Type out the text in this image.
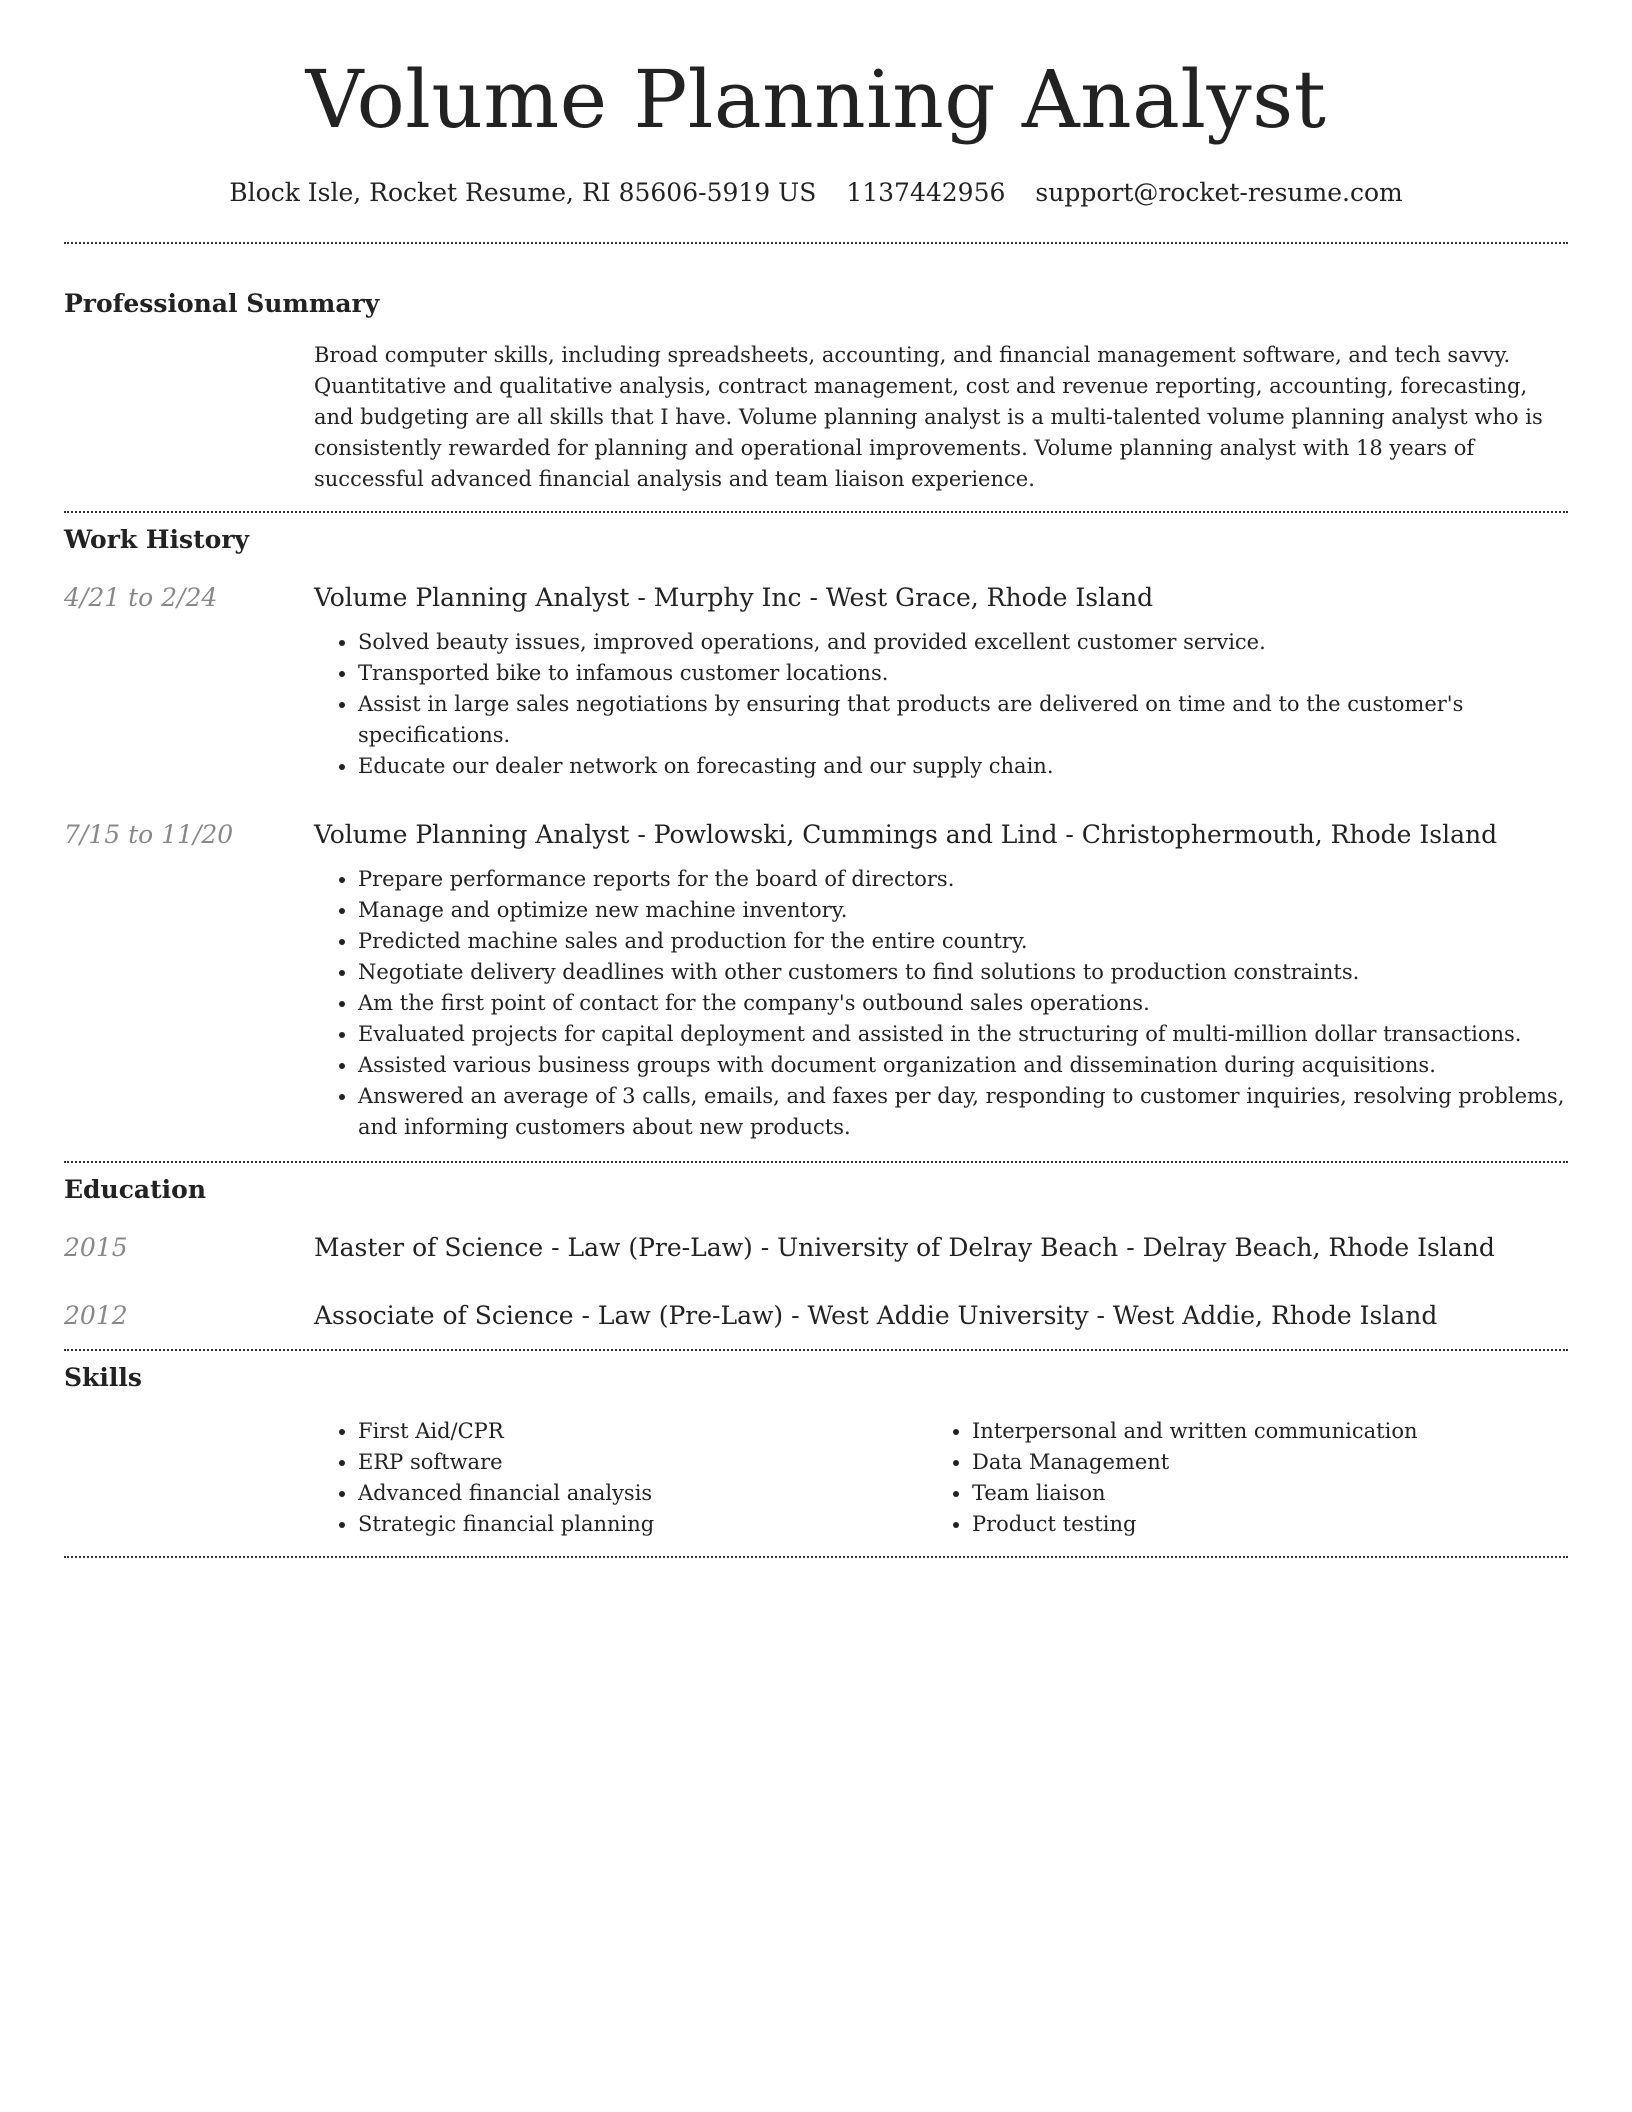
Volume Planning Analyst
Block Isle, Rocket Resume, RI 85606-5919 US 1137442956 support@rocket-resume.com
Professional Summary

Broad computer skills, including spreadsheets, accounting, and financial management software, and tech savvy. Quantitative and qualitative analysis, contract management, cost and revenue reporting, accounting, forecasting, and budgeting are all skills that I have. Volume planning analyst is a multi-talented volume planning analyst who is consistently rewarded for planning and operational improvements. Volume planning analyst with 18 years of successful advanced financial analysis and team liaison experience.

Work History
4/21 to 2/24	Volume Planning Analyst - Murphy Inc - West Grace, Rhode Island
• Solved beauty issues, improved operations, and provided excellent customer service.
• Transported bike to infamous customer locations.
• Assist in large sales negotiations by ensuring that products are delivered on time and to the customer's specifications.
• Educate our dealer network on forecasting and our supply chain.
7/15 to 11/20	Volume Planning Analyst - Powlowski, Cummings and Lind - Christophermouth, Rhode Island
• Prepare performance reports for the board of directors.
• Manage and optimize new machine inventory.
• Predicted machine sales and production for the entire country.
• Negotiate delivery deadlines with other customers to find solutions to production constraints.
• Am the first point of contact for the company's outbound sales operations.
• Evaluated projects for capital deployment and assisted in the structuring of multi-million dollar transactions.
• Assisted various business groups with document organization and dissemination during acquisitions.
• Answered an average of 3 calls, emails, and faxes per day, responding to customer inquiries, resolving problems, and informing customers about new products.
Education
2015	Master of Science - Law (Pre-Law) - University of Delray Beach - Delray Beach, Rhode Island
2012	Associate of Science - Law (Pre-Law) - West Addie University - West Addie, Rhode Island
Skills
• First Aid/CPR
• ERP software
• Advanced financial analysis
• Strategic financial planning
• Interpersonal and written communication
• Data Management
• Team liaison
• Product testing
